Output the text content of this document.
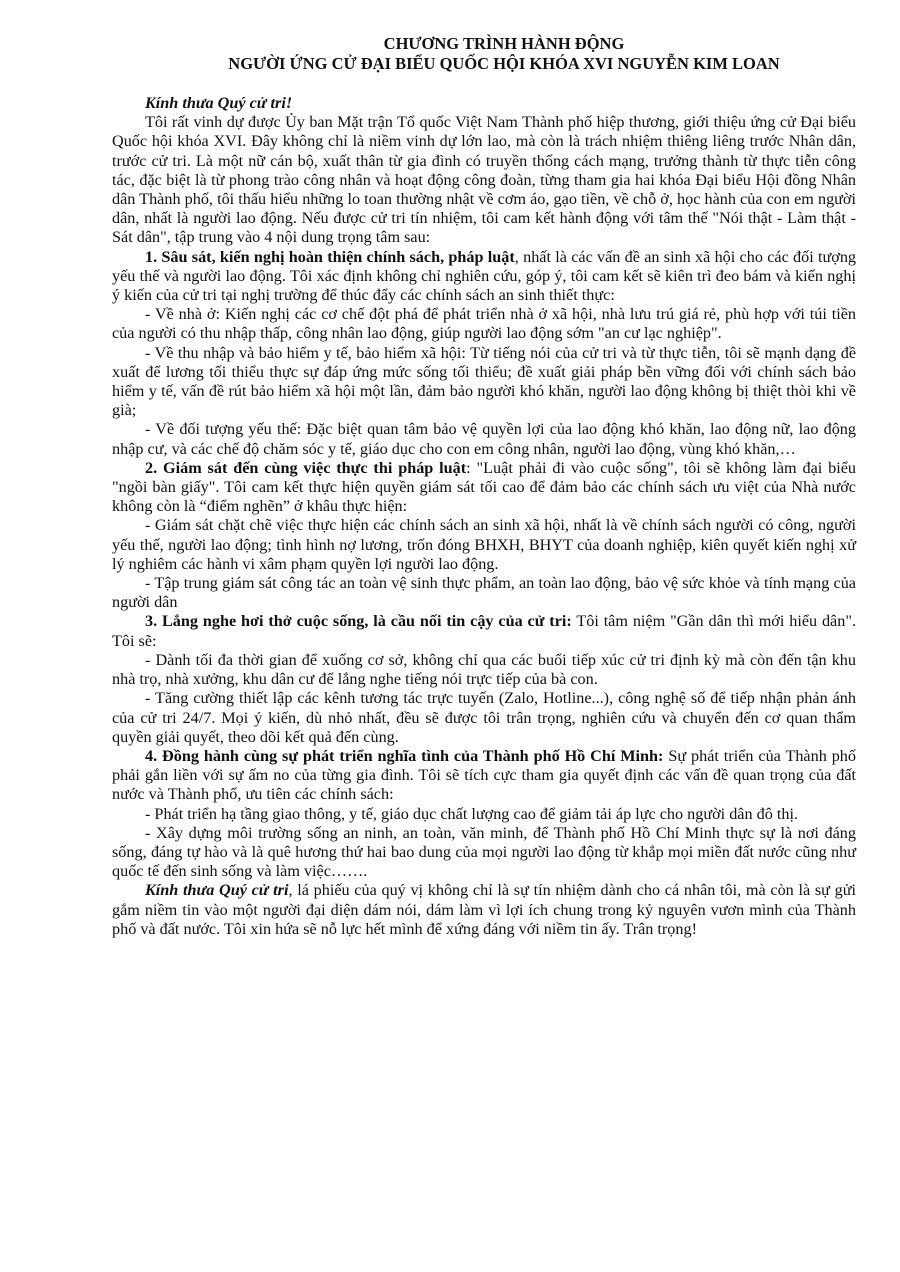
CHƯƠNG TRÌNH HÀNH ĐỘNG

NGƯỜI ỨNG CỬ ĐẠI BIỂU QUỐC HỘI KHÓA XVI NGUYỄN KIM LOAN

Kính thưa Quý cử tri!

Tôi rất vinh dự được Ủy ban Mặt trận Tổ quốc Việt Nam Thành phố hiệp thương, giới thiệu ứng cử Đại biểu Quốc hội khóa XVI. Đây không chỉ là niềm vinh dự lớn lao, mà còn là trách nhiệm thiêng liêng trước Nhân dân, trước cử tri. Là một nữ cán bộ, xuất thân từ gia đình có truyền thống cách mạng, trưởng thành từ thực tiễn công tác, đặc biệt là từ phong trào công nhân và hoạt động công đoàn, từng tham gia hai khóa Đại biểu Hội đồng Nhân dân Thành phố, tôi thấu hiểu những lo toan thường nhật về cơm áo, gạo tiền, về chỗ ở, học hành của con em người dân, nhất là người lao động. Nếu được cử tri tín nhiệm, tôi cam kết hành động với tâm thế "Nói thật - Làm thật - Sát dân", tập trung vào 4 nội dung trọng tâm sau:

1. Sâu sát, kiến nghị hoàn thiện chính sách, pháp luật, nhất là các vấn đề an sinh xã hội cho các đối tượng yếu thế và người lao động. Tôi xác định không chỉ nghiên cứu, góp ý, tôi cam kết sẽ kiên trì đeo bám và kiến nghị ý kiến của cử tri tại nghị trường để thúc đẩy các chính sách an sinh thiết thực:

- Về nhà ở: Kiến nghị các cơ chế đột phá để phát triển nhà ở xã hội, nhà lưu trú giá rẻ, phù hợp với túi tiền của người có thu nhập thấp, công nhân lao động, giúp người lao động sớm "an cư lạc nghiệp".

- Về thu nhập và bảo hiểm y tế, bảo hiểm xã hội: Từ tiếng nói của cử tri và từ thực tiễn, tôi sẽ mạnh dạng đề xuất để lương tối thiểu thực sự đáp ứng mức sống tối thiểu; đề xuất giải pháp bền vững đối với chính sách bảo hiểm y tế, vấn đề rút bảo hiểm xã hội một lần, đảm bảo người khó khăn, người lao động không bị thiệt thòi khi về già;

- Về đối tượng yếu thế: Đặc biệt quan tâm bảo vệ quyền lợi của lao động khó khăn, lao động nữ, lao động nhập cư, và các chế độ chăm sóc y tế, giáo dục cho con em công nhân, người lao động, vùng khó khăn,…

2. Giám sát đến cùng việc thực thi pháp luật: "Luật phải đi vào cuộc sống", tôi sẽ không làm đại biểu "ngồi bàn giấy". Tôi cam kết thực hiện quyền giám sát tối cao để đảm bảo các chính sách ưu việt của Nhà nước không còn là “điểm nghẽn” ở khâu thực hiện:

- Giám sát chặt chẽ việc thực hiện các chính sách an sinh xã hội, nhất là về chính sách người có công, người yếu thế, người lao động; tình hình nợ lương, trốn đóng BHXH, BHYT của doanh nghiệp, kiên quyết kiến nghị xử lý nghiêm các hành vi xâm phạm quyền lợi người lao động.

- Tập trung giám sát công tác an toàn vệ sinh thực phẩm, an toàn lao động, bảo vệ sức khỏe và tính mạng của người dân

3. Lắng nghe hơi thở cuộc sống, là cầu nối tin cậy của cử tri: Tôi tâm niệm "Gần dân thì mới hiểu dân". Tôi sẽ:

- Dành tối đa thời gian để xuống cơ sở, không chỉ qua các buổi tiếp xúc cử tri định kỳ mà còn đến tận khu nhà trọ, nhà xưởng, khu dân cư để lắng nghe tiếng nói trực tiếp của bà con.

- Tăng cường thiết lập các kênh tương tác trực tuyến (Zalo, Hotline...), công nghệ số để tiếp nhận phản ánh của cử tri 24/7. Mọi ý kiến, dù nhỏ nhất, đều sẽ được tôi trân trọng, nghiên cứu và chuyển đến cơ quan thẩm quyền giải quyết, theo dõi kết quả đến cùng.

4. Đồng hành cùng sự phát triển nghĩa tình của Thành phố Hồ Chí Minh: Sự phát triển của Thành phố phải gắn liền với sự ấm no của từng gia đình. Tôi sẽ tích cực tham gia quyết định các vấn đề quan trọng của đất nước và Thành phố, ưu tiên các chính sách:

- Phát triển hạ tầng giao thông, y tế, giáo dục chất lượng cao để giảm tải áp lực cho người dân đô thị.

- Xây dựng môi trường sống an ninh, an toàn, văn minh, để Thành phố Hồ Chí Minh thực sự là nơi đáng sống, đáng tự hào và là quê hương thứ hai bao dung của mọi người lao động từ khắp mọi miền đất nước cũng như quốc tế đến sinh sống và làm việc…….

Kính thưa Quý cử tri, lá phiếu của quý vị không chỉ là sự tín nhiệm dành cho cá nhân tôi, mà còn là sự gửi gắm niềm tin vào một người đại diện dám nói, dám làm vì lợi ích chung trong kỷ nguyên vươn mình của Thành phố và đất nước. Tôi xin hứa sẽ nỗ lực hết mình để xứng đáng với niềm tin ấy. Trân trọng!
